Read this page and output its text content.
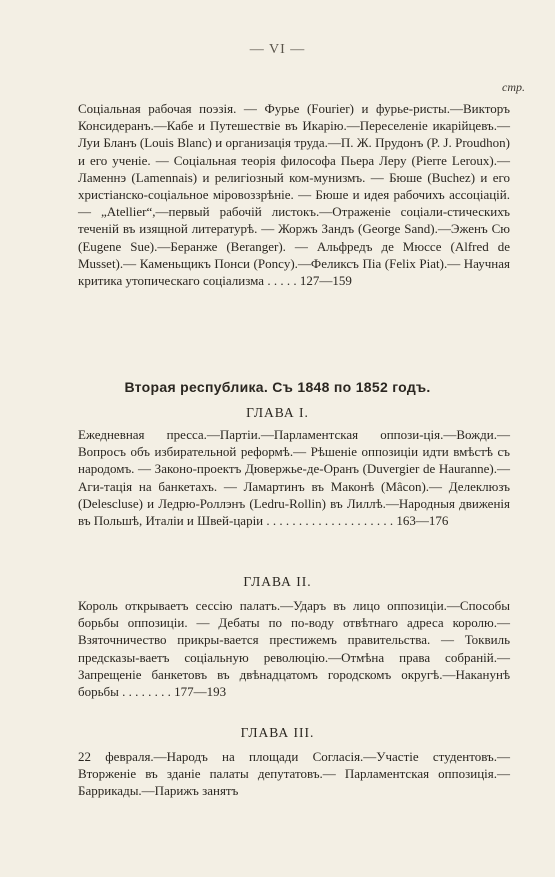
— VI —
стр.

Соціальная рабочая поэзія. — Фурье (Fourier) и фурье-ристы.—Викторъ Консидеранъ.—Кабе и Путешествіе въ Икарію.—Переселеніе икарійцевъ.—Луи Бланъ (Louis Blanc) и организація труда.—П. Ж. Прудонъ (P. J. Proudhon) и его ученіе. — Соціальная теорія философа Пьера Леру (Pierre Leroux).—Ламеннэ (Lamennais) и религіозный ком-мунизмъ. — Бюше (Buchez) и его христіанско-соціальное міровоззрѣніе. — Бюше и идея рабочихъ ассоціацій. — „Atellier“,—первый рабочій листокъ.—Отраженіе соціали-стическихъ теченій въ изящной литературѣ. — Жоржъ Зандъ (George Sand).—Эженъ Сю (Eugene Sue).—Беранже (Beranger). — Альфредъ де Мюссе (Alfred de Musset).— Каменьщикъ Понси (Poncy).—Феликсъ Піа (Felix Piat).— Научная критика утопическаго соціализма . . . . . 127—159

Вторая республика. Съ 1848 по 1852 годъ.
ГЛАВА I.

Ежедневная пресса.—Партіи.—Парламентская оппози-ція.—Вожди.—Вопросъ объ избирательной реформѣ.— Рѣшеніе оппозиціи идти вмѣстѣ съ народомъ. — Законо-проектъ Дювержье-де-Оранъ (Duvergier de Hauranne).—Аги-тація на банкетахъ. — Ламартинъ въ Маконѣ (Mâcon).— Делеклюзъ (Delescluse) и Ледрю-Роллэнъ (Ledru-Rollin) въ Лиллѣ.—Народныя движенія въ Польшѣ, Италіи и Швей-царіи . . . . . . . . . . . . . . . . . . . . 163—176

ГЛАВА II.

Король открываетъ сессію палатъ.—Ударъ въ лицо оппозиціи.—Способы борьбы оппозиціи. — Дебаты по по-воду отвѣтнаго адреса королю.—Взяточничество прикры-вается престижемъ правительства. — Токвиль предсказы-ваетъ соціальную революцію.—Отмѣна права собраній.— Запрещеніе банкетовъ въ двѣнадцатомъ городскомъ округѣ.—Наканунѣ борьбы . . . . . . . . 177—193

ГЛАВА III.

22 февраля.—Народъ на площади Согласія.—Участіе студентовъ.—Вторженіе въ зданіе палаты депутатовъ.— Парламентская оппозиція.—Баррикады.—Парижъ занятъ
